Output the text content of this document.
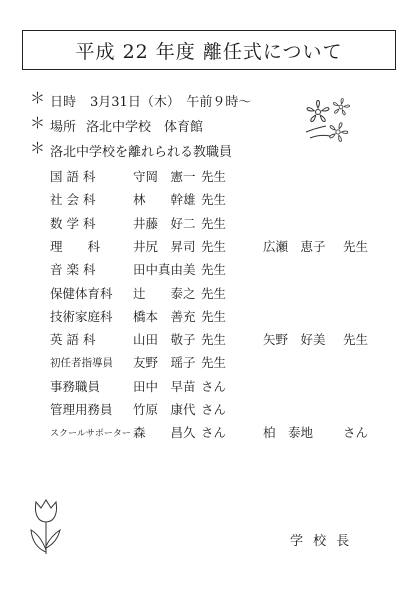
平成 22 年度 離任式について
＊ 日時 3月31日（木）　午前９時～
＊ 場所 洛北中学校　体育館
＊ 洛北中学校を離れられる教職員
国 語 科	守岡　憲一 先生
社 会 科	林　　幹雄 先生
数 学 科	井藤　好二 先生
理　　科	井尻　昇司 先生	広瀬　恵子 先生
音 楽 科	田中真由美 先生
保健体育科 辻　　泰之 先生
技術家庭科 橋本　善充 先生
英 語 科	山田　敬子 先生	矢野　好美 先生
初任者指導員 友野　瑶子 先生
事務職員	田中　早苗 さん
管理用務員 竹原　康代 さん
スクールサポーター 森　　昌久 さん	柏　泰地 さん
学 校 長
